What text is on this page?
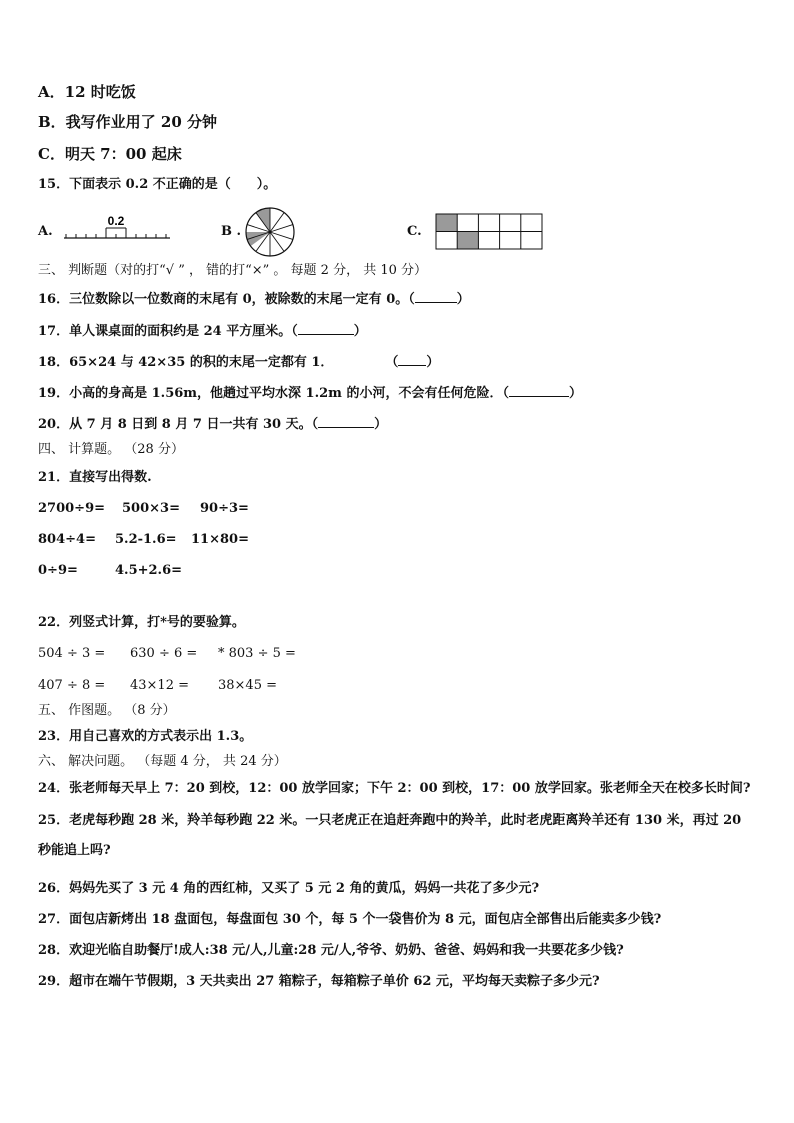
A．12 时吃饭
B．我写作业用了 20 分钟
C．明天 7：00 起床
15．下面表示 0.2 不正确的是（　　）。
A.
0.2
B .	C.
三、 判断题（对的打“√ ” ， 错的打“×” 。 每题 2 分， 共 10 分）
16．三位数除以一位数商的末尾有 0，被除数的末尾一定有 0。（	）
17．单人课桌面的面积约是 24 平方厘米。（	）
18．65×24 与 42×35 的积的末尾一定都有 1．	（ ）
19．小高的身高是 1.56m，他趟过平均水深 1.2m 的小河，不会有任何危险．（	）
20．从 7 月 8 日到 8 月 7 日一共有 30 天。（	）
四、 计算题。 （28 分）
21．直接写出得数.
2700÷9= 500×3= 90÷3=
804÷4= 5.2-1.6= 11×80=
0÷9=	4.5+2.6=
22．列竖式计算，打*号的要验算。
504 ÷ 3 = 630 ÷ 6 = * 803 ÷ 5 =
407 ÷ 8 = 43×12 = 38×45 =
五、 作图题。 （8 分）
23．用自己喜欢的方式表示出 1.3。
六、 解决问题。 （每题 4 分， 共 24 分）
24．张老师每天早上 7：20 到校，12：00 放学回家；下午 2：00 到校，17：00 放学回家。张老师全天在校多长时间?
25．老虎每秒跑 28 米，羚羊每秒跑 22 米。一只老虎正在追赶奔跑中的羚羊，此时老虎距离羚羊还有 130 米，再过 20
秒能追上吗?
26．妈妈先买了 3 元 4 角的西红柿，又买了 5 元 2 角的黄瓜，妈妈一共花了多少元?
27．面包店新烤出 18 盘面包，每盘面包 30 个，每 5 个一袋售价为 8 元，面包店全部售出后能卖多少钱?
28．欢迎光临自助餐厅!成人:38 元/人,儿童:28 元/人,爷爷、奶奶、爸爸、妈妈和我一共要花多少钱?
29．超市在端午节假期，3 天共卖出 27 箱粽子，每箱粽子单价 62 元，平均每天卖粽子多少元?
